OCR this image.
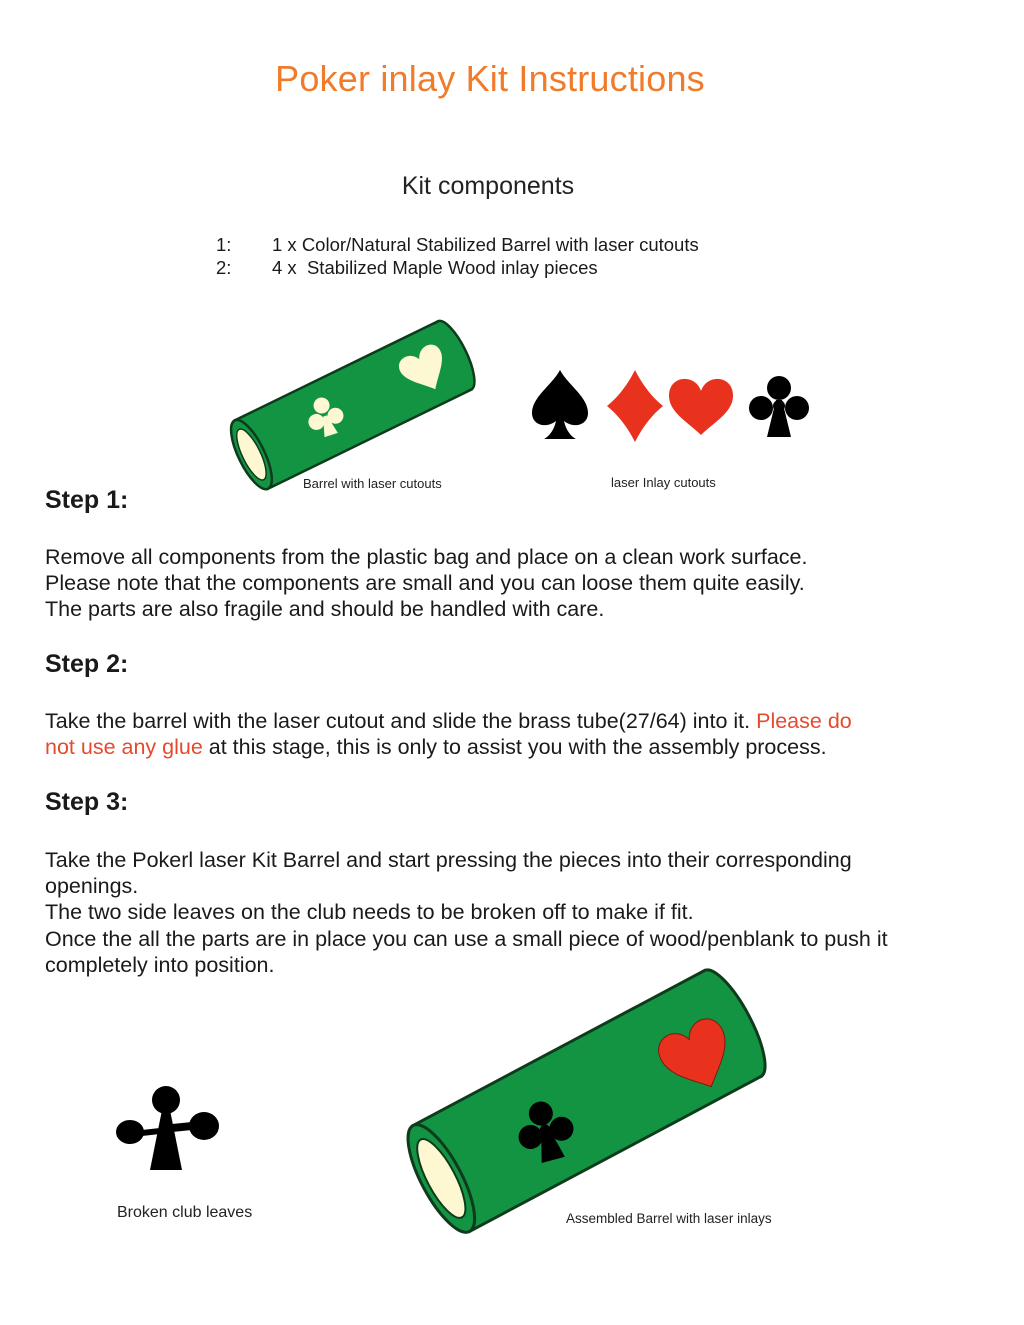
Poker inlay Kit Instructions
Kit components
1: 1 x Color/Natural Stabilized Barrel with laser cutouts
2: 4 x  Stabilized Maple Wood inlay pieces
Barrel with laser cutouts	laser Inlay cutouts
Step 1:
Remove all components from the plastic bag and place on a clean work surface.
Please note that the components are small and you can loose them quite easily.
The parts are also fragile and should be handled with care.
Step 2:
Take the barrel with the laser cutout and slide the brass tube(27/64) into it. Please do
not use any glue at this stage, this is only to assist you with the assembly process.
Step 3:
Take the Pokerl laser Kit Barrel and start pressing the pieces into their corresponding
openings.
The two side leaves on the club needs to be broken off to make if fit.
Once the all the parts are in place you can use a small piece of wood/penblank to push it
completely into position.
Broken club leaves	Assembled Barrel with laser inlays
